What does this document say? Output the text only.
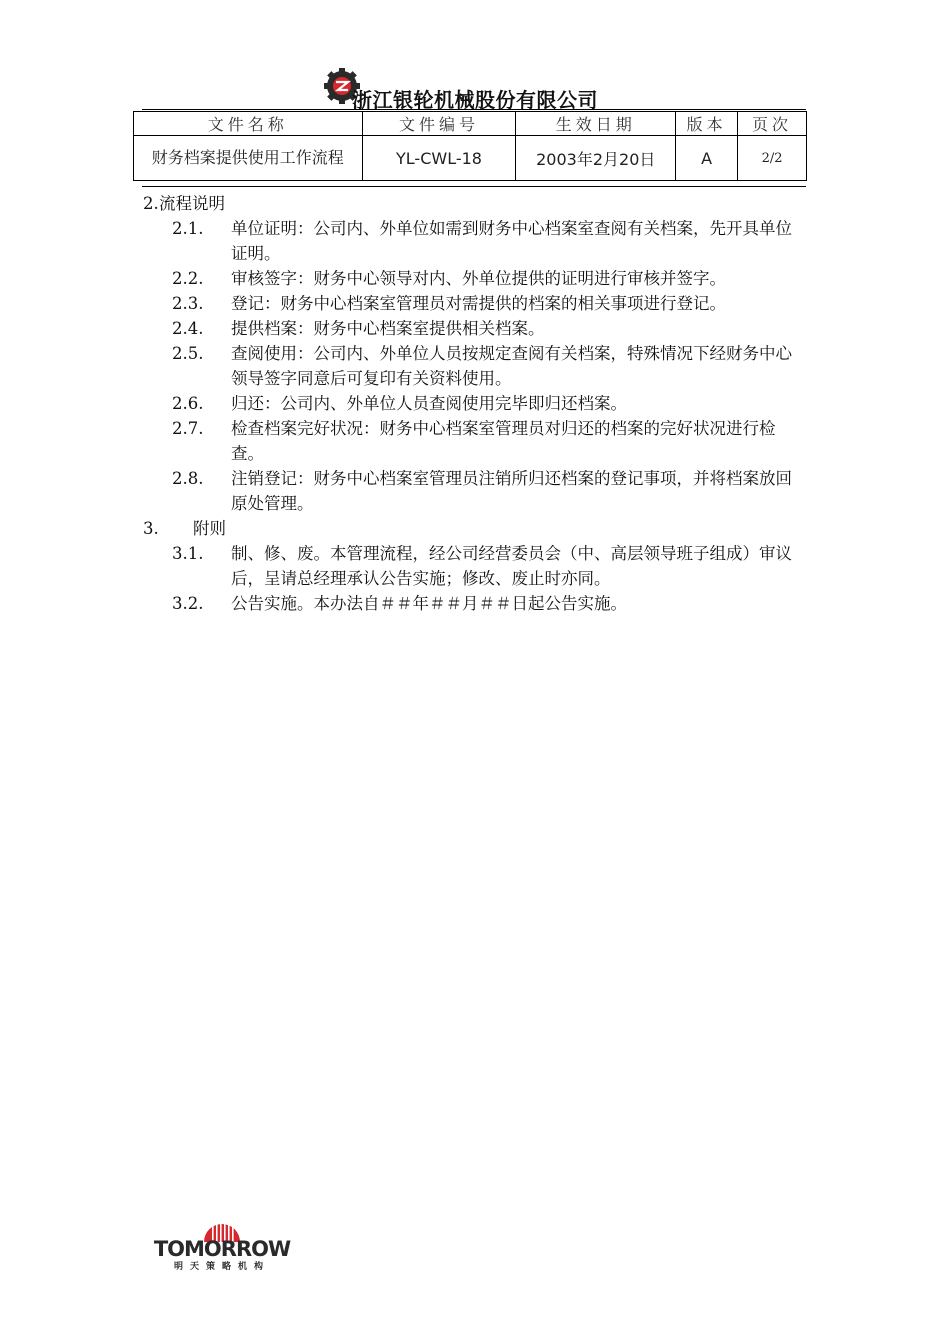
浙江银轮机械股份有限公司
文件名称	文件编号	生效日期	版本	页次
财务档案提供使用工作流程	YL-CWL-18	2003年2月20日	A	2/2
2. 流程说明
2.1. 单位证明：公司内、外单位如需到财务中心档案室查阅有关档案，先开具单位证明。
2.2. 审核签字：财务中心领导对内、外单位提供的证明进行审核并签字。
2.3. 登记：财务中心档案室管理员对需提供的档案的相关事项进行登记。
2.4. 提供档案：财务中心档案室提供相关档案。
2.5. 查阅使用：公司内、外单位人员按规定查阅有关档案，特殊情况下经财务中心领导签字同意后可复印有关资料使用。
2.6. 归还：公司内、外单位人员查阅使用完毕即归还档案。
2.7. 检查档案完好状况：财务中心档案室管理员对归还的档案的完好状况进行检查。
2.8. 注销登记：财务中心档案室管理员注销所归还档案的登记事项，并将档案放回原处管理。
3. 附则
3.1. 制、修、废。本管理流程，经公司经营委员会（中、高层领导班子组成）审议后，呈请总经理承认公告实施；修改、废止时亦同。
3.2. 公告实施。本办法自＃＃年＃＃月＃＃日起公告实施。
TOMORROW
明天策略机构
